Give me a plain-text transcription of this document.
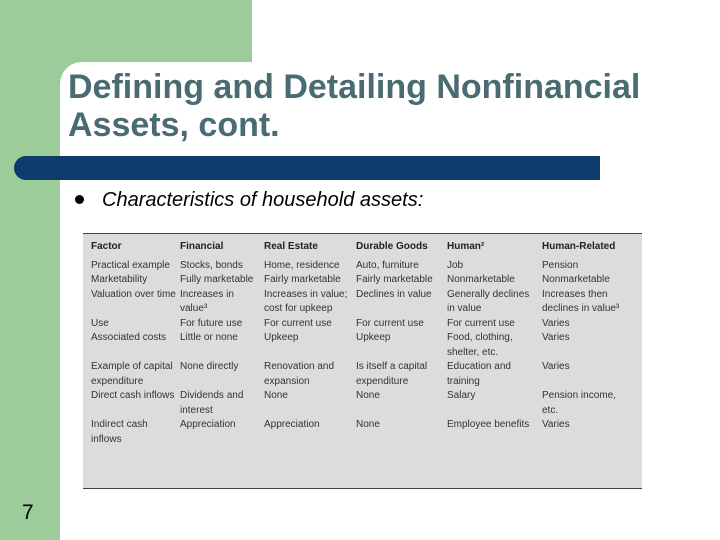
Defining and Detailing Nonfinancial
Assets, cont.
Characteristics of household assets:
Factor	Financial	Real Estate	Durable Goods	Human²	Human-Related
Practical example	Stocks, bonds	Home, residence	Auto, furniture	Job	Pension
Marketability	Fully marketable	Fairly marketable	Fairly marketable	Nonmarketable	Nonmarketable
Valuation over time	Increases in value³	Increases in value; cost for upkeep	Declines in value	Generally declines in value	Increases then declines in value³
Use	For future use	For current use	For current use	For current use	Varies
Associated costs	Little or none	Upkeep	Upkeep	Food, clothing, shelter, etc.	Varies
Example of capital expenditure	None directly	Renovation and expansion	Is itself a capital expenditure	Education and training	Varies
Direct cash inflows	Dividends and interest	None	None	Salary	Pension income, etc.
Indirect cash inflows	Appreciation	Appreciation	None	Employee benefits	Varies
7
